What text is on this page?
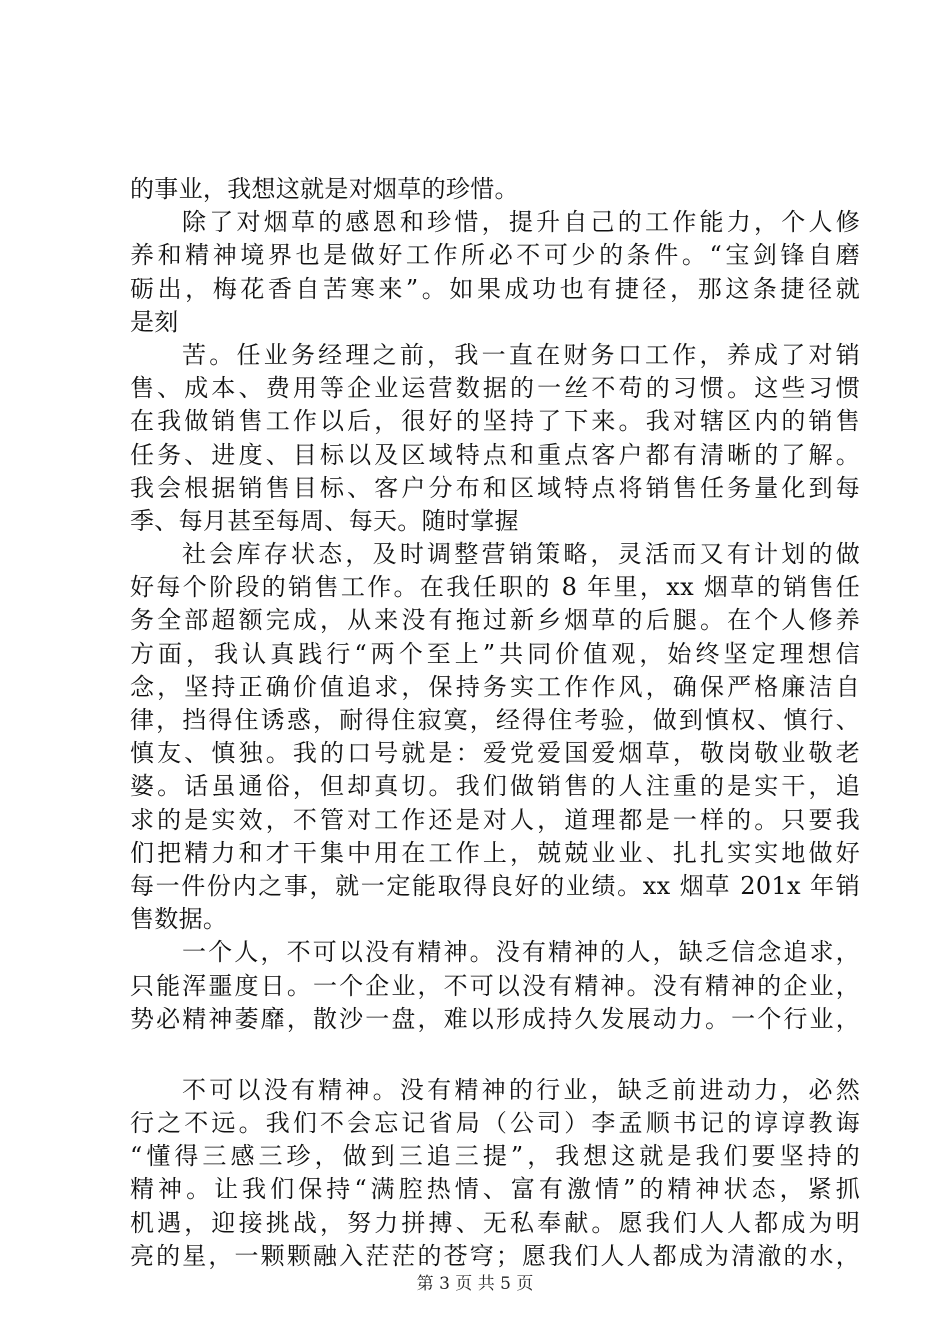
的事业，我想这就是对烟草的珍惜。
除了对烟草的感恩和珍惜，提升自己的工作能力，个人修
养和精神境界也是做好工作所必不可少的条件。“宝剑锋自磨
砺出，梅花香自苦寒来”。如果成功也有捷径，那这条捷径就
是刻
苦。任业务经理之前，我一直在财务口工作，养成了对销
售、成本、费用等企业运营数据的一丝不苟的习惯。这些习惯
在我做销售工作以后，很好的坚持了下来。我对辖区内的销售
任务、进度、目标以及区域特点和重点客户都有清晰的了解。
我会根据销售目标、客户分布和区域特点将销售任务量化到每
季、每月甚至每周、每天。随时掌握
社会库存状态，及时调整营销策略，灵活而又有计划的做
好每个阶段的销售工作。在我任职的 8 年里，xx 烟草的销售任
务全部超额完成，从来没有拖过新乡烟草的后腿。在个人修养
方面，我认真践行“两个至上”共同价值观，始终坚定理想信
念，坚持正确价值追求，保持务实工作作风，确保严格廉洁自
律，挡得住诱惑，耐得住寂寞，经得住考验，做到慎权、慎行、
慎友、慎独。我的口号就是：爱党爱国爱烟草，敬岗敬业敬老
婆。话虽通俗，但却真切。我们做销售的人注重的是实干，追
求的是实效，不管对工作还是对人，道理都是一样的。只要我
们把精力和才干集中用在工作上，兢兢业业、扎扎实实地做好
每一件份内之事，就一定能取得良好的业绩。xx 烟草 201x 年销
售数据。
一个人，不可以没有精神。没有精神的人，缺乏信念追求，
只能浑噩度日。一个企业，不可以没有精神。没有精神的企业，
势必精神萎靡，散沙一盘，难以形成持久发展动力。一个行业，
不可以没有精神。没有精神的行业，缺乏前进动力，必然
行之不远。我们不会忘记省局（公司）李孟顺书记的谆谆教诲
“懂得三感三珍，做到三追三提”，我想这就是我们要坚持的
精神。让我们保持“满腔热情、富有激情”的精神状态，紧抓
机遇，迎接挑战，努力拼搏、无私奉献。愿我们人人都成为明
亮的星，一颗颗融入茫茫的苍穹；愿我们人人都成为清澈的水，
第 3 页 共 5 页
